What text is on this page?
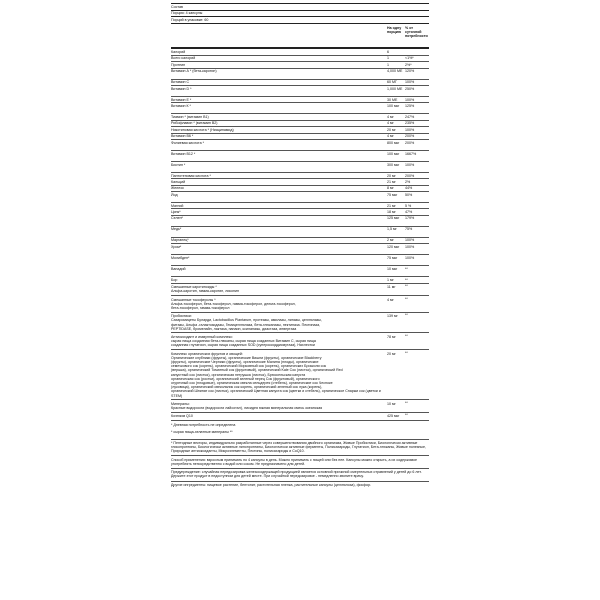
Состав
Порция: 4 капсулы
Порций в упаковке: 60
На одну порцию
% от суточной потребности
Калорий	6
Всего калорий	1	<1%*
Протеин	1	2%*
Витамин А * (бета-каротин)	4,000 МЕ 120%
Витамин С	60 МГ	100%
Витамин D *	1,000 МЕ 250%
Витамин Е *	30 МЕ	100%
Витамин К *	100 мкг	125%
Тиамин * (витамин В1)	4 мг	247%
Рибофлавин * (витамин В2)	4 мг	235%
Никотиновая кислота * (Ниацинамид)	20 мг	100%
Витамин В6 *	4 мг	200%
Фолиевая кислота *	800 мкг	200%
Витамин В12 *	100 мкг	1667%
Биотин *	300 мкг	100%
Пантотеновая кислота *	20 мг	200%
Кальций	21 мг	2%
Железо	8 мг	44%
Йод	75 мкг	50%
Магний	21 мг	5 %
Цинк*	18 мг	47%
Селен*	125 мкг	179%
Медь*	1,5 мг	75%
Марганец*	2 мг	100%
Хром*	120 мкг	100%
Молибден*	75 мкг	100%
Ванадий	10 мкг	**
Бор	1 мг	**
Смешанные каротиноиды *
Альфа-каротин, гамма-каротин, ликопин
11 мг	**
Смешанные токоферолы *
Альфа-токоферол, бета-токоферол, гамма-токоферол, дельта-токоферол,
бета-токоферол, гамма-токоферол
4 мг	**
Пробиотики:
Сахаромицеты Буларди, Lactobacillus Plantarum, протеазы, амилазы, липазы, целлюлазы,
фитазы, Альфа -галактозидазы, Гемицеллюлаза, бета-глюканазы, пектиназа. Пектиназа,
PEPTIDASE, бромелайн, лактаза, папаин, ксиланазы, диастаза, инвертаза
139 мг	**
Антиоксидант и иммунный комплекс:
сырая пища созданная бета-глюканы, сырая пища созданных Витамин С, сырая пища
созданная глутатион, сырая пища созданных SOD (супероксиддисмутаза), Нахлестки
78 мг	**
Комплекс органических фруктов и овощей:
Органические клубники (фрукты), органические Вишни (фрукты), органические Blackberry
(фрукты), органические Черники (фрукты), органические Малина (плоды), органические
семечкового сок (корень), органический Морковный сок (корень), органических Брокколи сок
(вершка), органический Томатный сок (фруктовый), органический Kale Сок (листья), органический Red
капустный сок (листья), органическая петрушка (листья), Брюссельская капуста
органическая сок (ростки), органический зеленый перец Сок (фруктовый), органического
огуречный сок (плодовые), органическая свекла сельдерея (стебель), органические сок Чесноке
(луковица), органический свекольник сок корень, органический зеленый сок лука (корень),
органический Шпинат сок (листья), органический Цветная капуста сок (цветки и стебель), органическое Спаржи сок (цветки и
STEM)
20 мг	**
Минералы:
Красные водоросли (водоросли лайсотал), лисидея южная минеральная смесь океанская
10 мг	**
Коэнзим Q10	425 мкг	**
* Дневная потребность не определена
* сырая пища-хелатные минералы **
* Пептидные векторы, индивидуально разработанные через совершенствования двойного организма, Живые Пробиотики, Биологически активные гликопротеины, Биологически активные липопротеины, Биологически активные ферменты, Полисахариды, Глутатион, Бета-глюканы, Живые полезные, Природные антиоксиданты, Микроэлементы, Пектины, полисахариды и CoQ10.
Способ применения: взрослым принимать по 4 капсулы в день. Можно принимать с пищей или без нее. Капсулы можно открыть, а их содержимое употреблять непосредственно с водой или соком. Не предназначено для детей.
Предупреждение: случайная передозировка железосодержащей продукцией является основной причиной смертельных отравлений у детей до 6 лет. Держите этот продукт в недоступном для детей месте. При случайной передозировке - немедленно звоните врачу.
Другие ингредиенты: пищевое растение, бентонит, растительная пленка, растительные капсулы (целлюлоза), фосфор.
